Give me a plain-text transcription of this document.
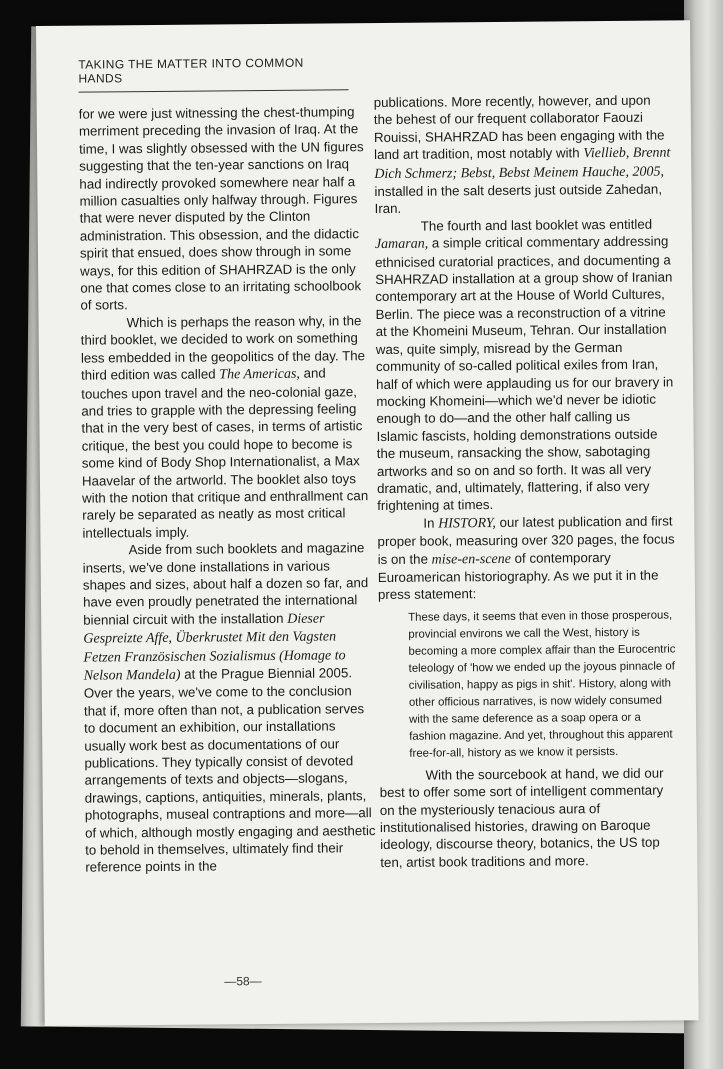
TAKING THE MATTER INTO COMMON HANDS

for we were just witnessing the chest-thumping merriment preceding the invasion of Iraq. At the time, I was slightly obsessed with the UN figures suggesting that the ten-year sanctions on Iraq had indirectly provoked somewhere near half a million casualties only halfway through. Figures that were never disputed by the Clinton administration. This obsession, and the didactic spirit that ensued, does show through in some ways, for this edition of SHAHRZAD is the only one that comes close to an irritating schoolbook of sorts.

Which is perhaps the reason why, in the third booklet, we decided to work on something less embedded in the geopolitics of the day. The third edition was called The Americas, and touches upon travel and the neo-colonial gaze, and tries to grapple with the depressing feeling that in the very best of cases, in terms of artistic critique, the best you could hope to become is some kind of Body Shop Internationalist, a Max Haavelar of the artworld. The booklet also toys with the notion that critique and enthrallment can rarely be separated as neatly as most critical intellectuals imply.

Aside from such booklets and magazine inserts, we've done installations in various shapes and sizes, about half a dozen so far, and have even proudly penetrated the international biennial circuit with the installation Dieser Gespreizte Affe, Überkrustet Mit den Vagsten Fetzen Französischen Sozialismus (Homage to Nelson Mandela) at the Prague Biennial 2005. Over the years, we've come to the conclusion that if, more often than not, a publication serves to document an exhibition, our installations usually work best as documentations of our publications. They typically consist of devoted arrangements of texts and objects—slogans, drawings, captions, antiquities, minerals, plants, photographs, museal contraptions and more—all of which, although mostly engaging and aesthetic to behold in themselves, ultimately find their reference points in the

publications. More recently, however, and upon the behest of our frequent collaborator Faouzi Rouissi, SHAHRZAD has been engaging with the land art tradition, most notably with Viellieb, Brennt Dich Schmerz; Bebst, Bebst Meinem Hauche, 2005, installed in the salt deserts just outside Zahedan, Iran.

The fourth and last booklet was entitled Jamaran, a simple critical commentary addressing ethnicised curatorial practices, and documenting a SHAHRZAD installation at a group show of Iranian contemporary art at the House of World Cultures, Berlin. The piece was a reconstruction of a vitrine at the Khomeini Museum, Tehran. Our installation was, quite simply, misread by the German community of so-called political exiles from Iran, half of which were applauding us for our bravery in mocking Khomeini—which we'd never be idiotic enough to do—and the other half calling us Islamic fascists, holding demonstrations outside the museum, ransacking the show, sabotaging artworks and so on and so forth. It was all very dramatic, and, ultimately, flattering, if also very frightening at times.

In HISTORY, our latest publication and first proper book, measuring over 320 pages, the focus is on the mise-en-scene of contemporary Euroamerican historiography. As we put it in the press statement:

These days, it seems that even in those prosperous, provincial environs we call the West, history is becoming a more complex affair than the Eurocentric teleology of 'how we ended up the joyous pinnacle of civilisation, happy as pigs in shit'. History, along with other officious narratives, is now widely consumed with the same deference as a soap opera or a fashion magazine. And yet, throughout this apparent free-for-all, history as we know it persists.

With the sourcebook at hand, we did our best to offer some sort of intelligent commentary on the mysteriously tenacious aura of institutionalised histories, drawing on Baroque ideology, discourse theory, botanics, the US top ten, artist book traditions and more.

—58—
